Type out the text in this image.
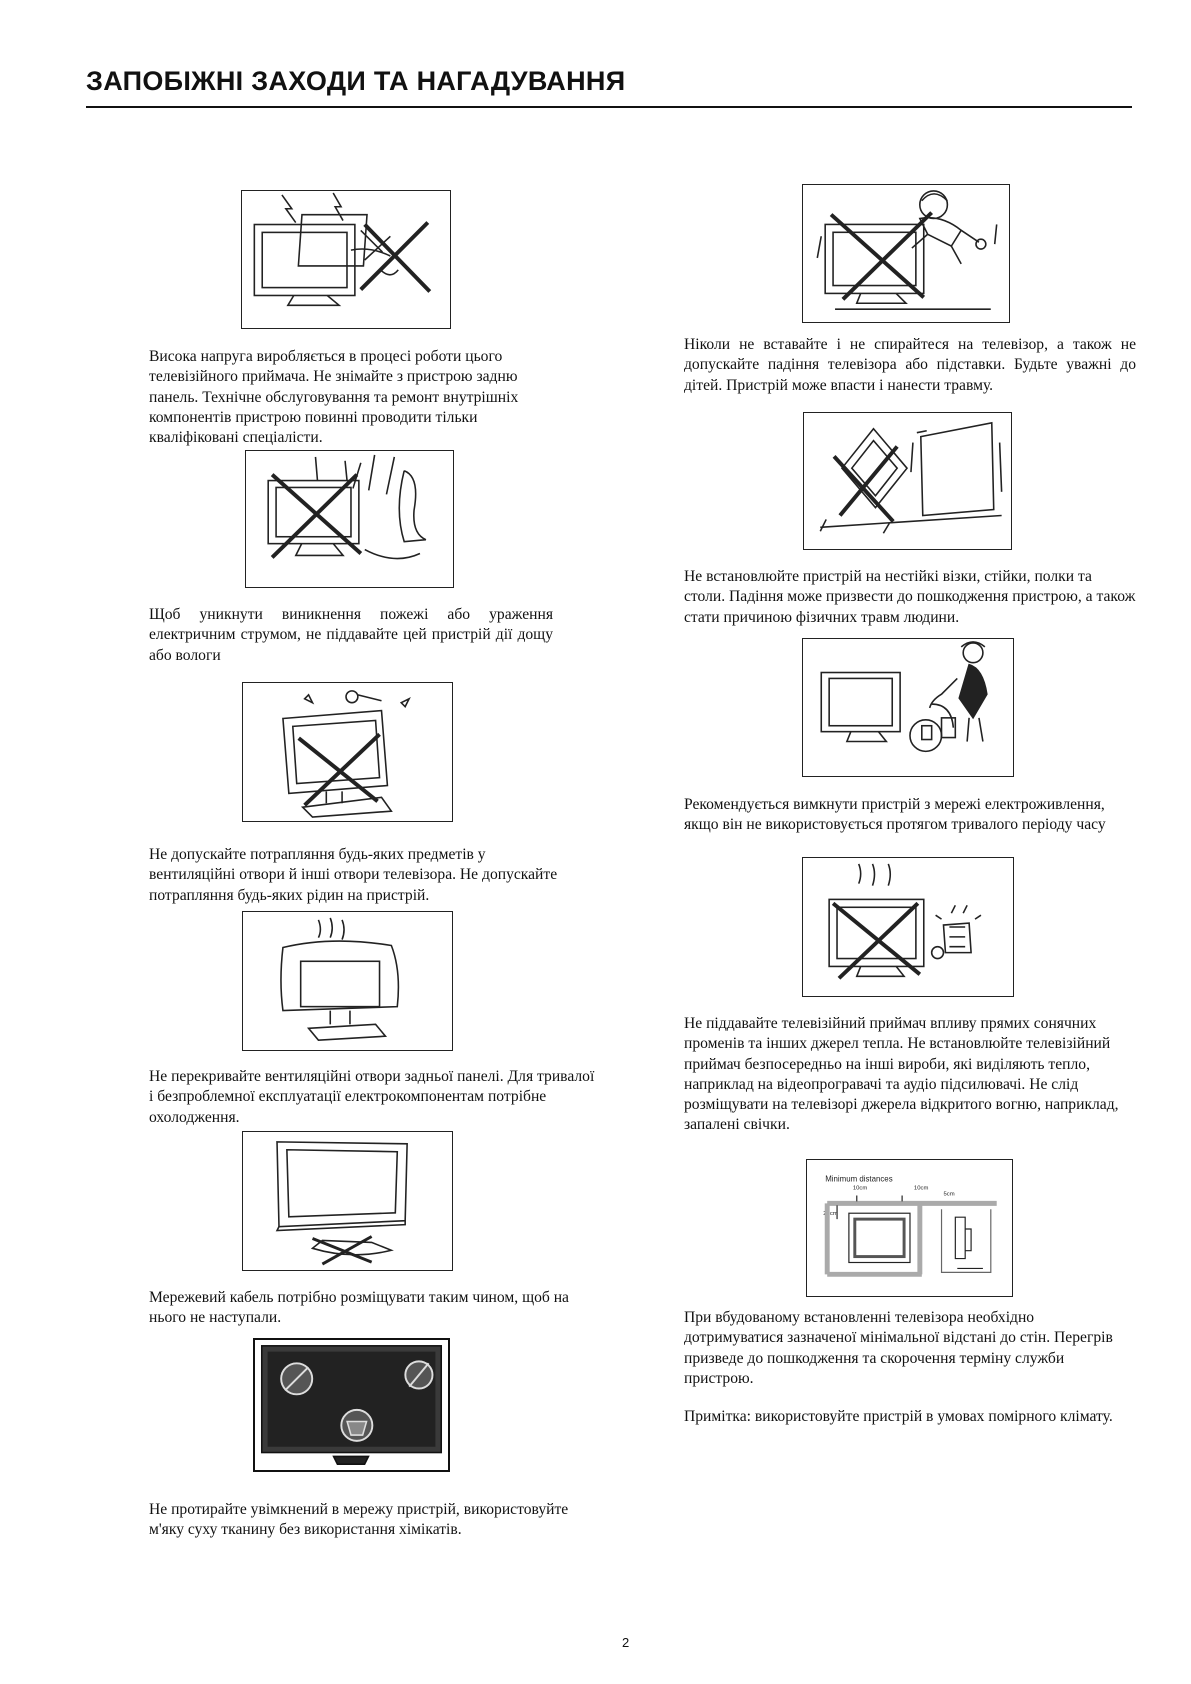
ЗАПОБІЖНІ ЗАХОДИ ТА НАГАДУВАННЯ

Висока напруга виробляється в процесі роботи цього телевізійного приймача. Не знімайте з пристрою задню панель. Технічне обслуговування та ремонт внутрішніх компонентів пристрою повинні проводити тільки кваліфіковані спеціалісти.

Щоб уникнути виникнення пожежі або ураження електричним струмом, не піддавайте цей пристрій дії дощу або вологи

Не допускайте потрапляння будь-яких предметів у вентиляційні отвори й інші отвори телевізора. Не допускайте потрапляння будь-яких рідин на пристрій.

Не перекривайте вентиляційні отвори задньої панелі. Для тривалої і безпроблемної експлуатації електрокомпонентам потрібне охолодження.

Мережевий кабель потрібно розміщувати таким чином, щоб на нього не наступали.

Не протирайте увімкнений в мережу пристрій, використовуйте м'яку суху тканину без використання хімікатів.

Ніколи не вставайте і не спирайтеся на телевізор, а також не допускайте падіння телевізора або підставки. Будьте уважні до дітей. Пристрій може впасти і нанести травму.

Не встановлюйте пристрій на нестійкі візки, стійки, полки та столи. Падіння може призвести до пошкодження пристрою, а також стати причиною фізичних травм людини.

Рекомендується вимкнути пристрій з мережі електроживлення, якщо він не використовується протягом тривалого періоду часу

Не піддавайте телевізійний приймач впливу прямих сонячних променів та інших джерел тепла. Не встановлюйте телевізійний приймач безпосередньо на інші вироби, які виділяють тепло, наприклад на відеопрогравачі та аудіо підсилювачі. Не слід розміщувати на телевізорі джерела відкритого вогню, наприклад, запалені свічки.

Minimum distances
10cm	10cm
5cm
20cm

При вбудованому встановленні телевізора необхідно дотримуватися зазначеної мінімальної відстані до стін. Перегрів призведе до пошкодження та скорочення терміну служби пристрою.

Примітка: використовуйте пристрій в умовах помірного клімату.

2
